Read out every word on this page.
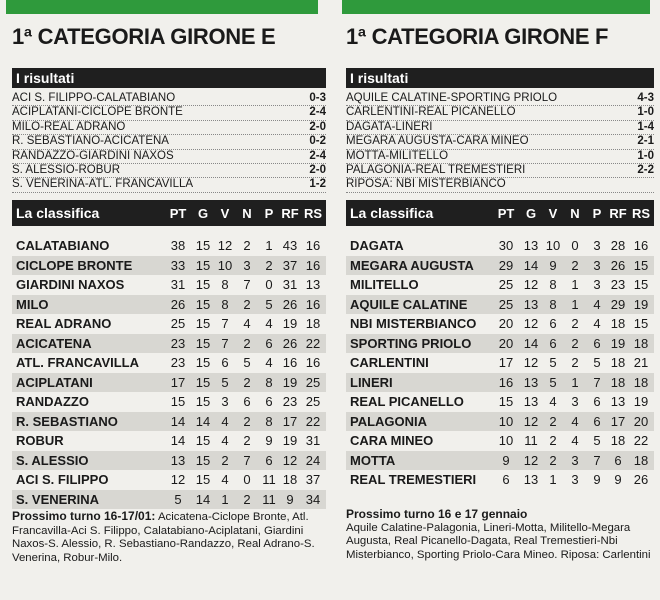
1ª CATEGORIA GIRONE E
I risultati
ACI S. FILIPPO-CALATABIANO	0-3
ACIPLATANI-CICLOPE BRONTE	2-4
MILO-REAL ADRANO	2-0
R. SEBASTIANO-ACICATENA	0-2
RANDAZZO-GIARDINI NAXOS	2-4
S. ALESSIO-ROBUR	2-0
S. VENERINA-ATL. FRANCAVILLA	1-2
La classifica	PT G V N P RF RS
CALATABIANO	38 15 12 2	1 43 16
CICLOPE BRONTE	33 15 10 3	2 37 16
GIARDINI NAXOS	31 15 8	7	0 31 13
MILO	26 15 8	2	5 26 16
REAL ADRANO	25 15 7	4	4 19 18
ACICATENA	23 15 7	2	6 26 22
ATL. FRANCAVILLA	23 15 6	5	4 16 16
ACIPLATANI	17 15 5	2	8 19 25
RANDAZZO	15 15 3	6	6 23 25
R. SEBASTIANO	14 14 4	2	8 17 22
ROBUR	14 15 4	2	9 19 31
S. ALESSIO	13 15 2	7	6 12 24
ACI S. FILIPPO	12 15 4	0 11 18 37
S. VENERINA	5	14 1	2 11 9 34
Prossimo turno 16-17/01: Acicatena-Ciclope Bronte, Atl. Francavilla-Aci S. Filippo, Calatabiano-Aciplatani, Giardini Naxos-S. Alessio, R. Sebastiano-Randazzo, Real Adrano-S. Venerina, Robur-Milo.
1ª CATEGORIA GIRONE F
I risultati
AQUILE CALATINE-SPORTING PRIOLO	4-3
CARLENTINI-REAL PICANELLO	1-0
DAGATA-LINERI	1-4
MEGARA AUGUSTA-CARA MINEO	2-1
MOTTA-MILITELLO	1-0
PALAGONIA-REAL TREMESTIERI	2-2
RIPOSA: NBI MISTERBIANCO
La classifica	PT G V N P RF RS
DAGATA	30 13 10 0	3 28 16
MEGARA AUGUSTA	29 14 9	2	3 26 15
MILITELLO	25 12 8	1	3 23 15
AQUILE CALATINE	25 13 8	1	4 29 19
NBI MISTERBIANCO	20 12 6	2	4 18 15
SPORTING PRIOLO	20 14 6	2	6 19 18
CARLENTINI	17 12 5	2	5 18 21
LINERI	16 13 5	1	7 18 18
REAL PICANELLO	15 13 4	3	6 13 19
PALAGONIA	10 12 2	4	6 17 20
CARA MINEO	10 11 2	4	5 18 22
MOTTA	9	12 2	3	7	6 18
REAL TREMESTIERI	6	13 1	3	9	9 26
Prossimo turno 16 e 17 gennaio
Aquile Calatine-Palagonia, Lineri-Motta, Militello-Megara Augusta, Real Picanello-Dagata, Real Tremestieri-Nbi Misterbianco, Sporting Priolo-Cara Mineo. Riposa: Carlentini
